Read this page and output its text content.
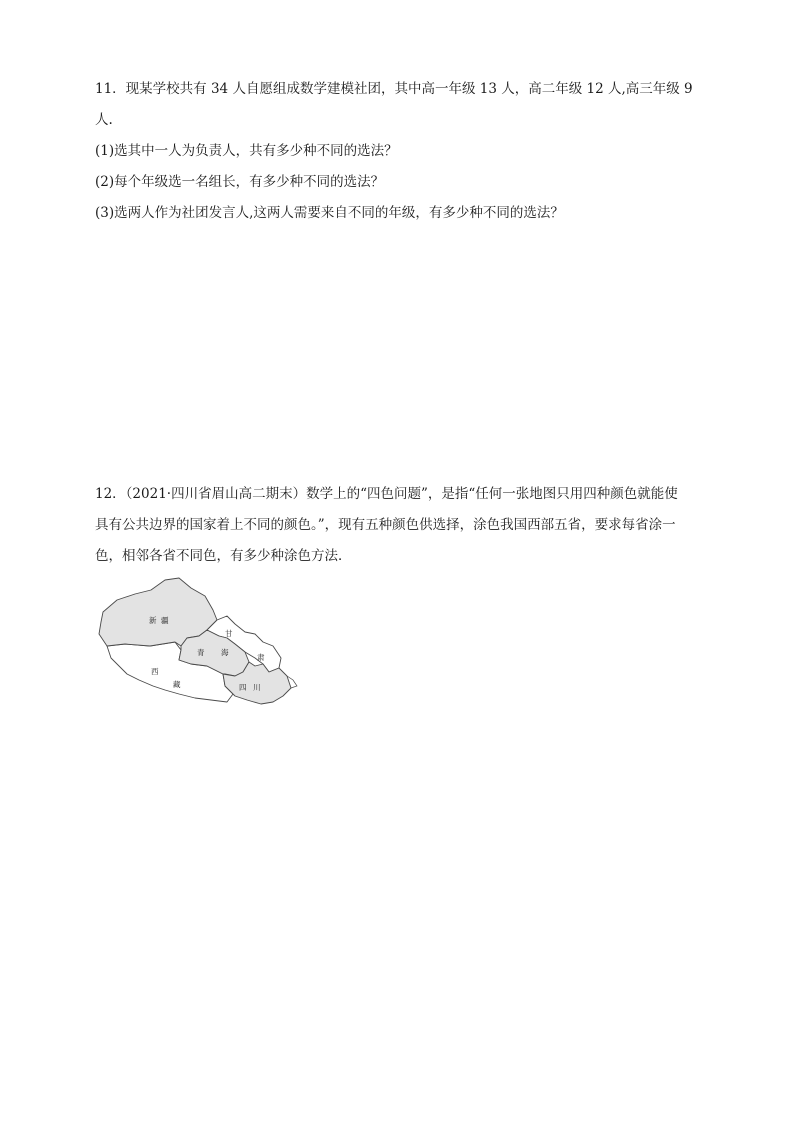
11．现某学校共有 34 人自愿组成数学建模社团，其中高一年级 13 人，高二年级 12 人,高三年级 9
人.
(1)选其中一人为负责人，共有多少种不同的选法？
(2)每个年级选一名组长，有多少种不同的选法？
(3)选两人作为社团发言人,这两人需要来自不同的年级，有多少种不同的选法？
12．（2021·四川省眉山高二期末）数学上的“四色问题”，是指“任何一张地图只用四种颜色就能使
具有公共边界的国家着上不同的颜色。”，现有五种颜色供选择，涂色我国西部五省，要求每省涂一
色，相邻各省不同色，有多少种涂色方法．
新 疆
甘
肃
青 海
西
藏	四 川
